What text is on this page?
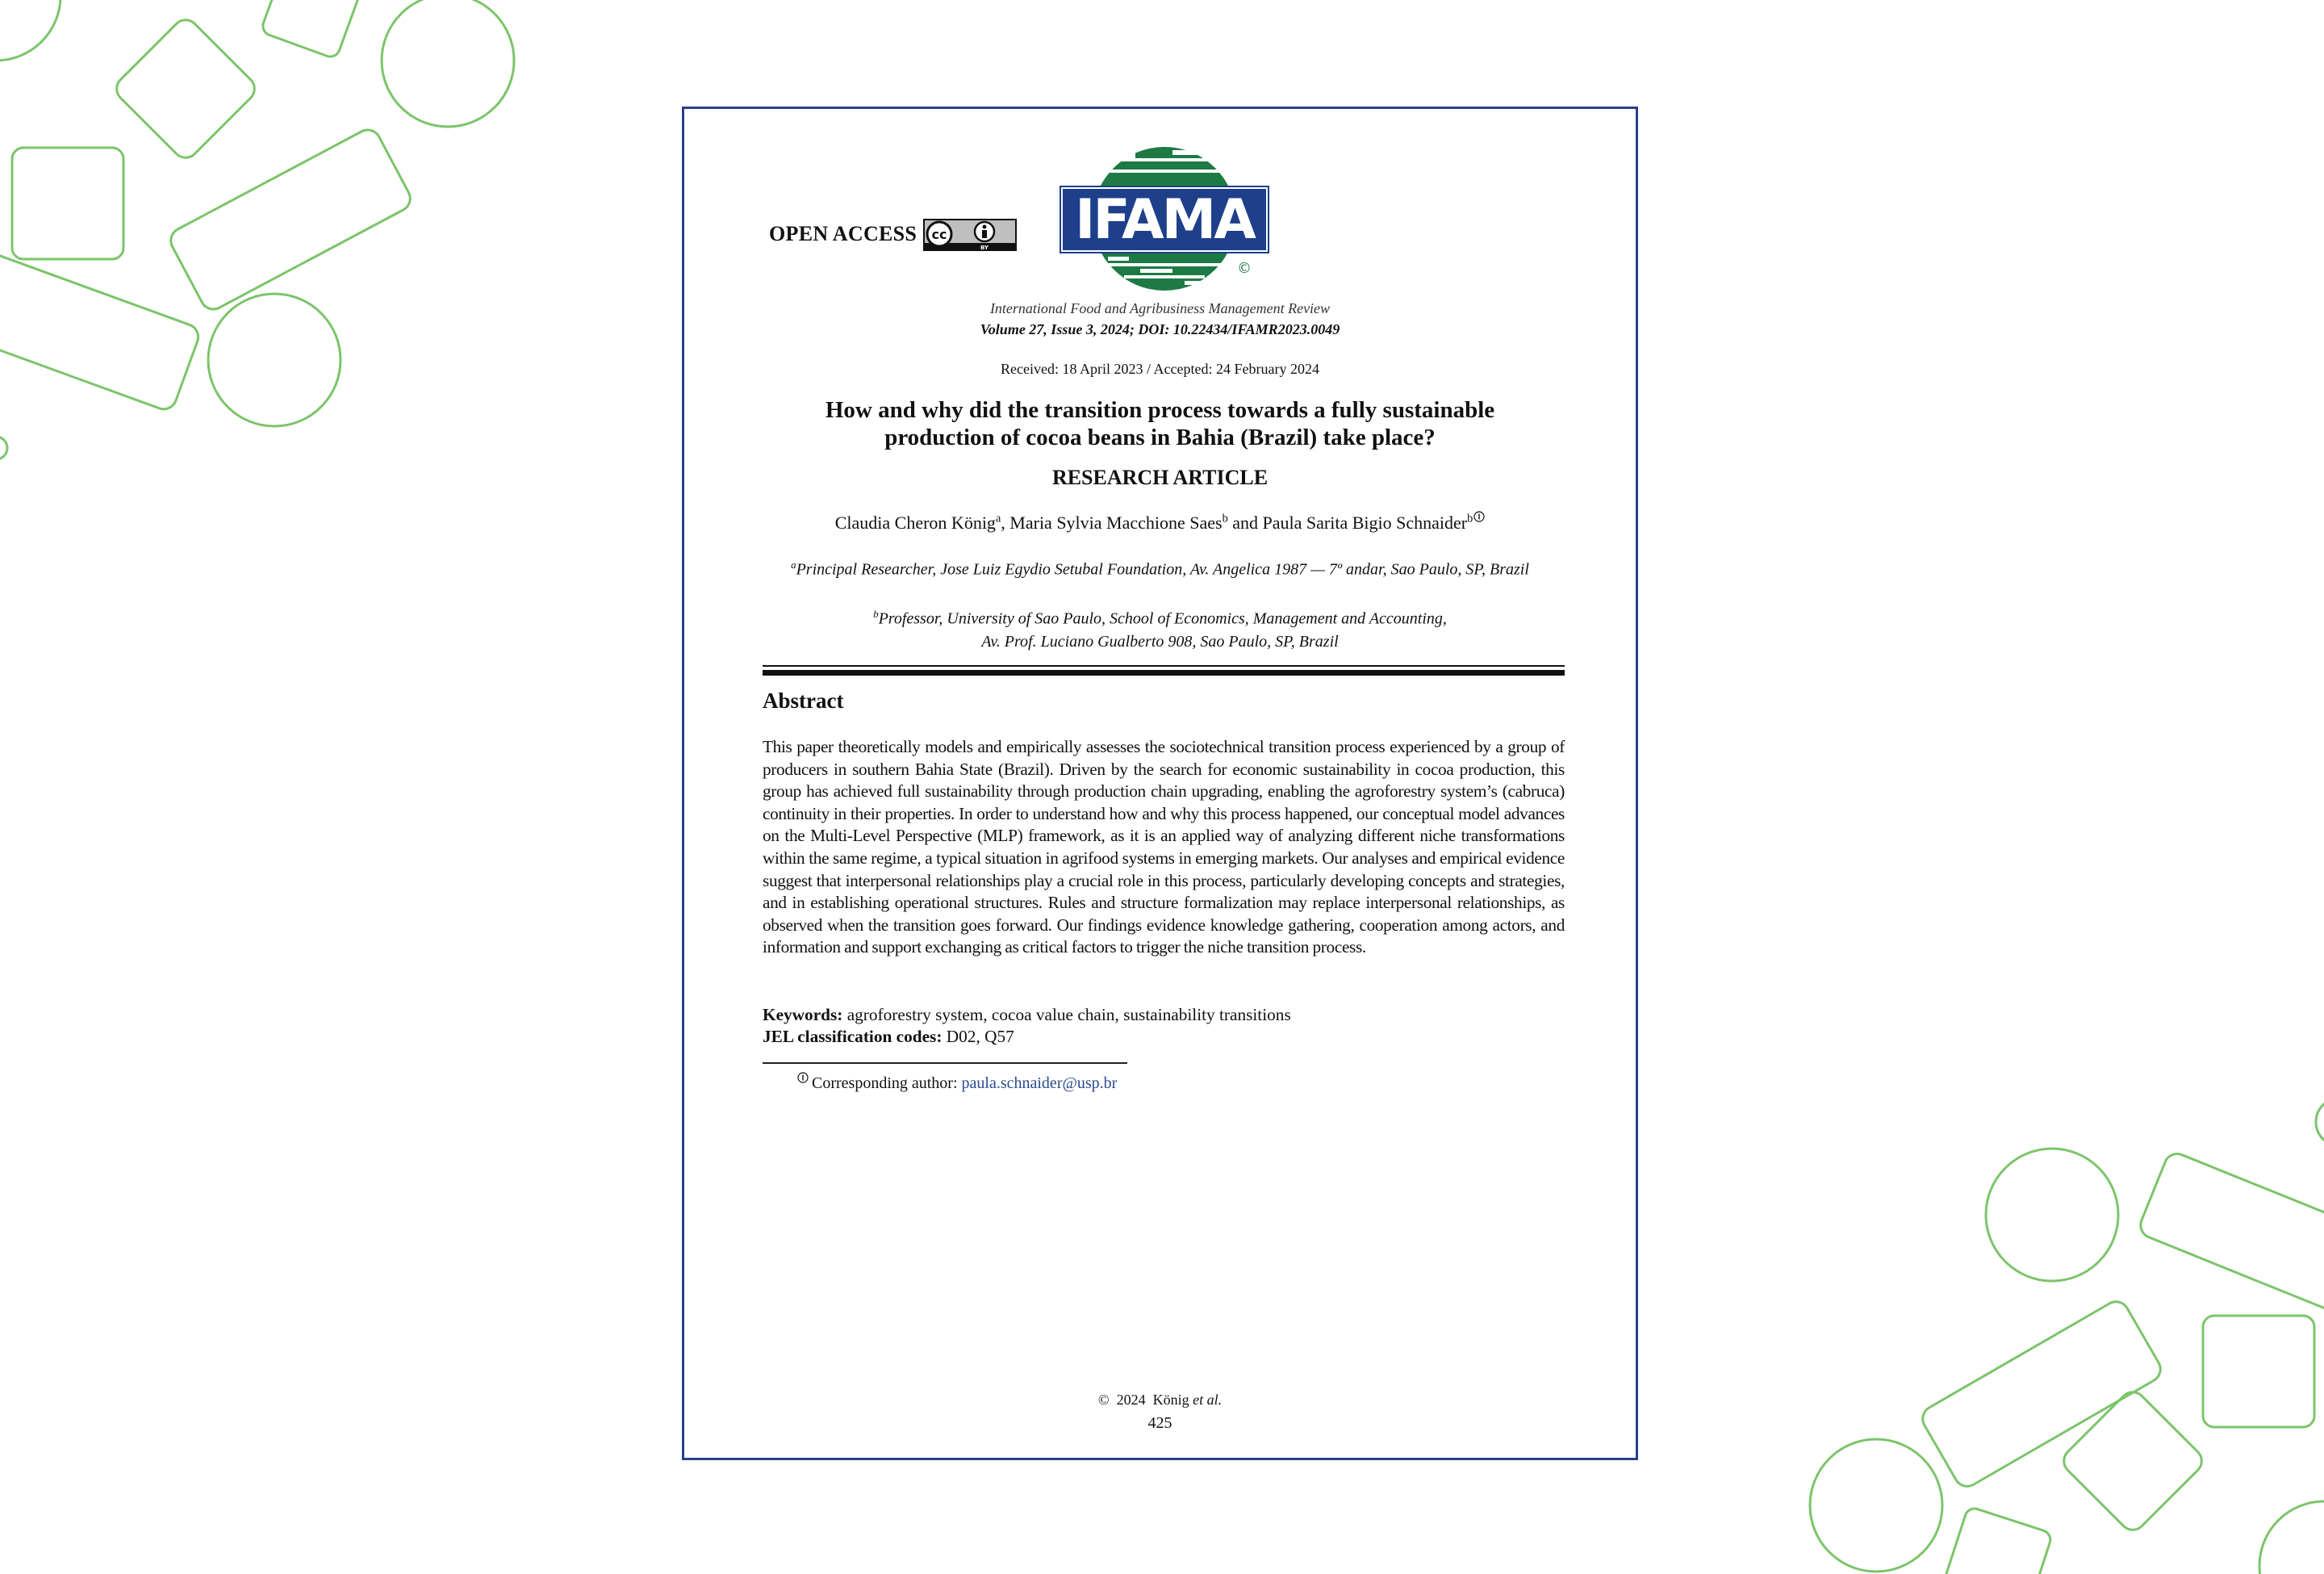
OPEN ACCESS cc
BY IFAMA
©
International Food and Agribusiness Management Review
Volume 27, Issue 3, 2024; DOI: 10.22434/IFAMR2023.0049
Received: 18 April 2023 / Accepted: 24 February 2024
How and why did the transition process towards a fully sustainable
production of cocoa beans in Bahia (Brazil) take place?
RESEARCH ARTICLE
Claudia Cheron König$^a$, Maria Sylvia Macchione Saes$^b$ and Paula Sarita Bigio Schnaider$^b$
$^a$Principal Researcher, Jose Luiz Egydio Setubal Foundation, Av. Angelica 1987 — 7º andar, Sao Paulo, SP, Brazil
$^b$Professor, University of Sao Paulo, School of Economics, Management and Accounting,
Av. Prof. Luciano Gualberto 908, Sao Paulo, SP, Brazil
Abstract
This paper theoretically models and empirically assesses the sociotechnical transition process experienced by a group of producers in southern Bahia State (Brazil). Driven by the search for economic sustainability in cocoa production, this group has achieved full sustainability through production chain upgrading, enabling the agroforestry system’s (cabruca) continuity in their properties. In order to understand how and why this process happened, our conceptual model advances on the Multi-Level Perspective (MLP) framework, as it is an applied way of analyzing different niche transformations within the same regime, a typical situation in agrifood systems in emerging markets. Our analyses and empirical evidence suggest that interpersonal relationships play a crucial role in this process, particularly developing concepts and strategies, and in establishing operational structures. Rules and structure formalization may replace interpersonal relationships, as observed when the transition goes forward. Our findings evidence knowledge gathering, cooperation among actors, and information and support exchanging as critical factors to trigger the niche transition process.
Keywords: agroforestry system, cocoa value chain, sustainability transitions
JEL classification codes: D02, Q57
Corresponding author: paula.schnaider@usp.br
© 2024 König et al.
425
